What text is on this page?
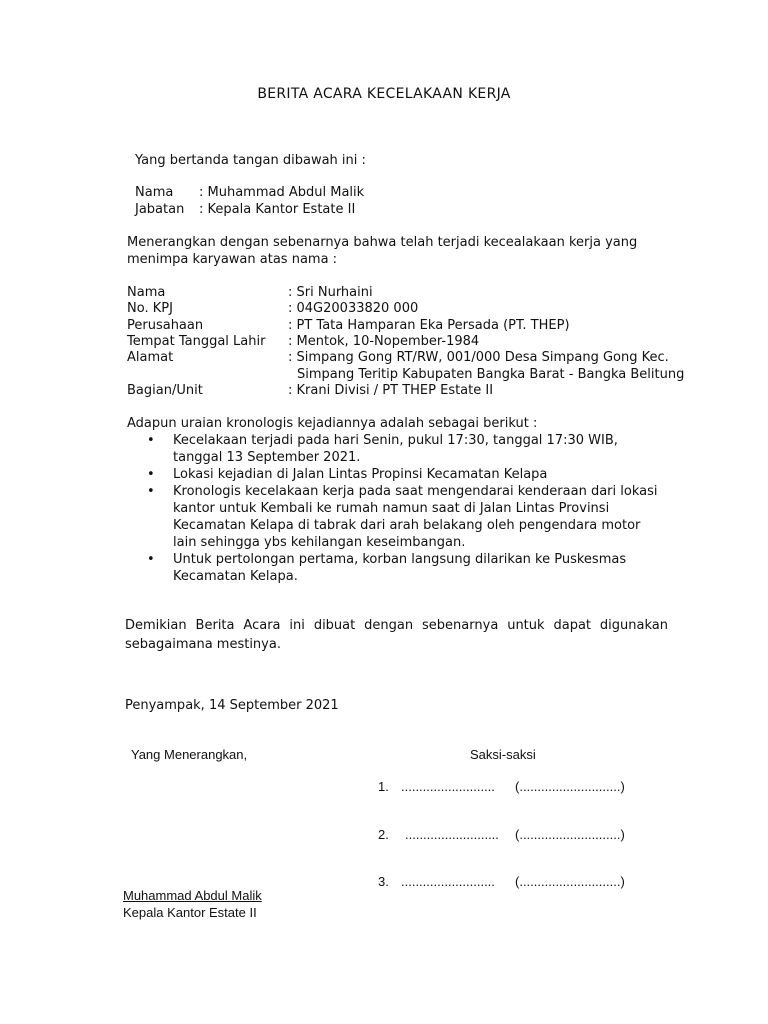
BERITA ACARA KECELAKAAN KERJA
Yang bertanda tangan dibawah ini :
Nama : Muhammad Abdul Malik
Jabatan : Kepala Kantor Estate II
Menerangkan dengan sebenarnya bahwa telah terjadi kecealakaan kerja yang
menimpa karyawan atas nama :
Nama	: Sri Nurhaini
No. KPJ	: 04G20033820 000
Perusahaan	: PT Tata Hamparan Eka Persada (PT. THEP)
Tempat Tanggal Lahir : Mentok, 10-Nopember-1984
Alamat	: Simpang Gong RT/RW, 001/000 Desa Simpang Gong Kec.
Simpang Teritip Kabupaten Bangka Barat - Bangka Belitung
Bagian/Unit	: Krani Divisi / PT THEP Estate II
Adapun uraian kronologis kejadiannya adalah sebagai berikut :
• Kecelakaan terjadi pada hari Senin, pukul 17:30, tanggal 17:30 WIB, tanggal 13 September 2021.
• Lokasi kejadian di Jalan Lintas Propinsi Kecamatan Kelapa
• Kronologis kecelakaan kerja pada saat mengendarai kenderaan dari lokasi kantor untuk Kembali ke rumah namun saat di Jalan Lintas Provinsi Kecamatan Kelapa di tabrak dari arah belakang oleh pengendara motor lain sehingga ybs kehilangan keseimbangan.
• Untuk pertolongan pertama, korban langsung dilarikan ke Puskesmas Kecamatan Kelapa.
Demikian Berita Acara ini dibuat dengan sebenarnya untuk dapat digunakan sebagaimana mestinya.
Penyampak, 14 September 2021
Yang Menerangkan,	Saksi-saksi
1. .......................... (............................)
2. .......................... (............................)
3. .......................... (............................)
Muhammad Abdul Malik
Kepala Kantor Estate II
